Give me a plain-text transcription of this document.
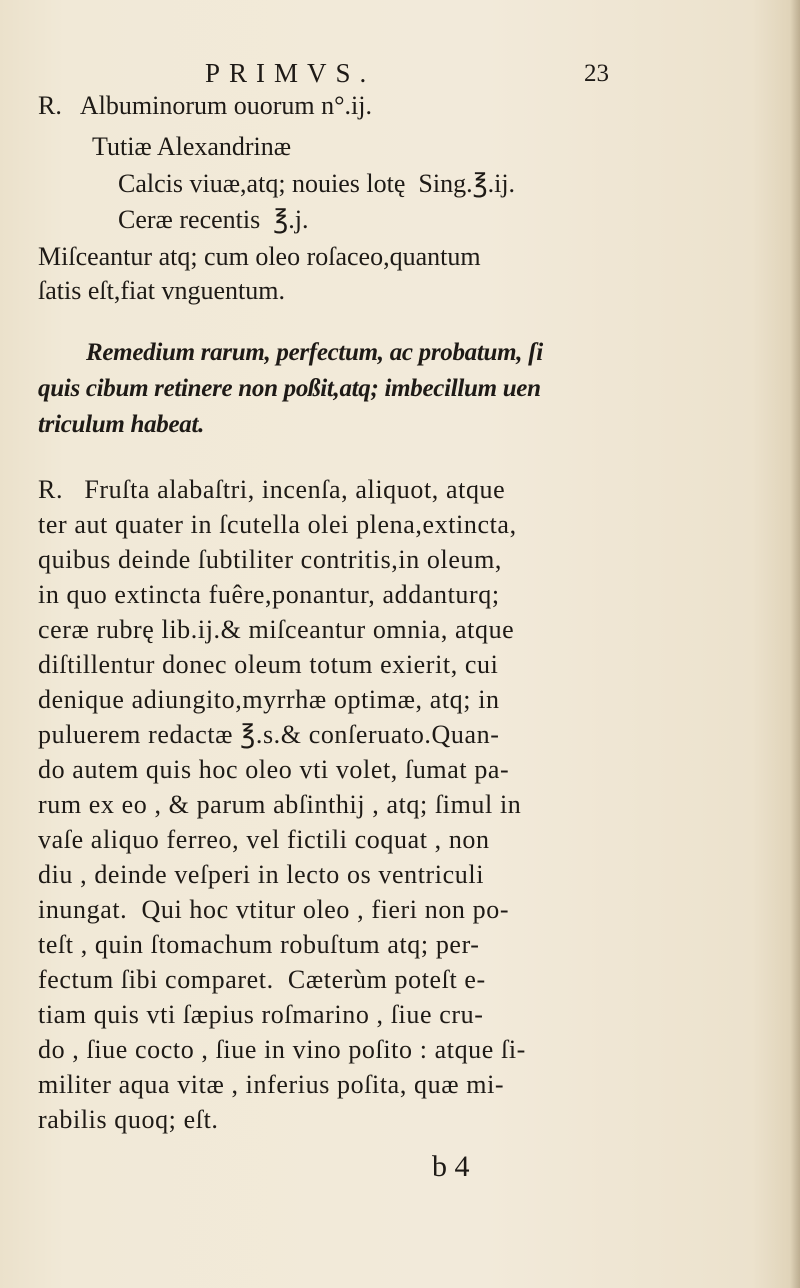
PRIMVS.	23
R.   Albuminorum ouorum n°.ij.
Tutiæ Alexandrinæ
Calcis viuæ,atq; nouies lotę  Sing.℥.ij.
Ceræ recentis  ℥.j.
Miſceantur atq; cum oleo roſaceo,quantum
ſatis eſt,fiat vnguentum.
Remedium rarum, perfectum, ac probatum, ſi
quis cibum retinere non poßit,atq; imbecillum uen
triculum habeat.
R.   Fruſta alabaſtri, incenſa, aliquot, atque
ter aut quater in ſcutella olei plena,extincta,
quibus deinde ſubtiliter contritis,in oleum,
in quo extincta fuêre,ponantur, addanturq;
ceræ rubrę lib.ij.& miſceantur omnia, atque
diſtillentur donec oleum totum exierit, cui
denique adiungito,myrrhæ optimæ, atq; in
puluerem redactæ ℥.s.& conſeruato.Quan-
do autem quis hoc oleo vti volet, ſumat pa-
rum ex eo , & parum abſinthij , atq; ſimul in
vaſe aliquo ferreo, vel fictili coquat , non
diu , deinde veſperi in lecto os ventriculi
inungat.  Qui hoc vtitur oleo , fieri non po-
teſt , quin ſtomachum robuſtum atq; per-
fectum ſibi comparet.  Cæterùm poteſt e-
tiam quis vti ſæpius roſmarino , ſiue cru-
do , ſiue cocto , ſiue in vino poſito : atque ſi-
militer aqua vitæ , inferius poſita, quæ mi-
rabilis quoq; eſt.
b 4
